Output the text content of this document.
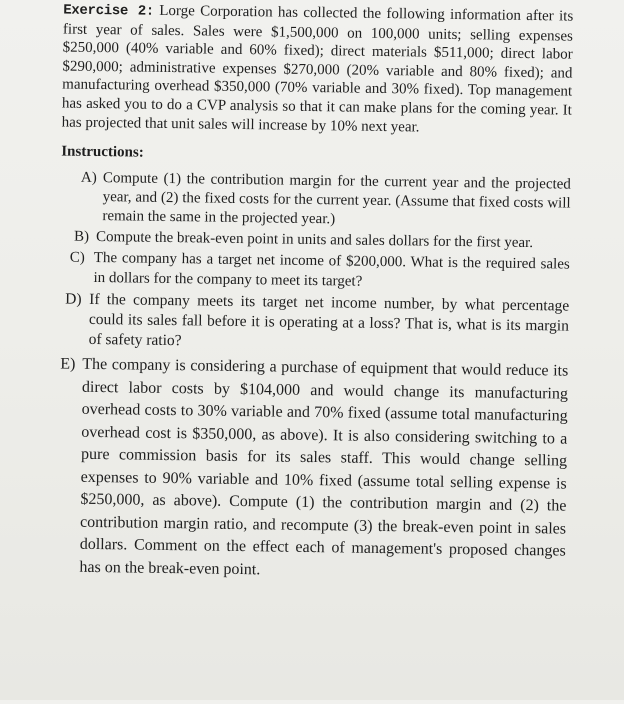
Exercise 2: Lorge Corporation has collected the following information after its first year of sales. Sales were $1,500,000 on 100,000 units; selling expenses $250,000 (40% variable and 60% fixed); direct materials $511,000; direct labor $290,000; administrative expenses $270,000 (20% variable and 80% fixed); and manufacturing overhead $350,000 (70% variable and 30% fixed). Top management has asked you to do a CVP analysis so that it can make plans for the coming year. It has projected that unit sales will increase by 10% next year.

Instructions:
A) Compute (1) the contribution margin for the current year and the projected year, and (2) the fixed costs for the current year. (Assume that fixed costs will remain the same in the projected year.)
B) Compute the break-even point in units and sales dollars for the first year.
C) The company has a target net income of $200,000. What is the required sales in dollars for the company to meet its target?
D) If the company meets its target net income number, by what percentage could its sales fall before it is operating at a loss? That is, what is its margin of safety ratio?
E) The company is considering a purchase of equipment that would reduce its direct labor costs by $104,000 and would change its manufacturing overhead costs to 30% variable and 70% fixed (assume total manufacturing overhead cost is $350,000, as above). It is also considering switching to a pure commission basis for its sales staff. This would change selling expenses to 90% variable and 10% fixed (assume total selling expense is $250,000, as above). Compute (1) the contribution margin and (2) the contribution margin ratio, and recompute (3) the break-even point in sales dollars. Comment on the effect each of management's proposed changes has on the break-even point.
